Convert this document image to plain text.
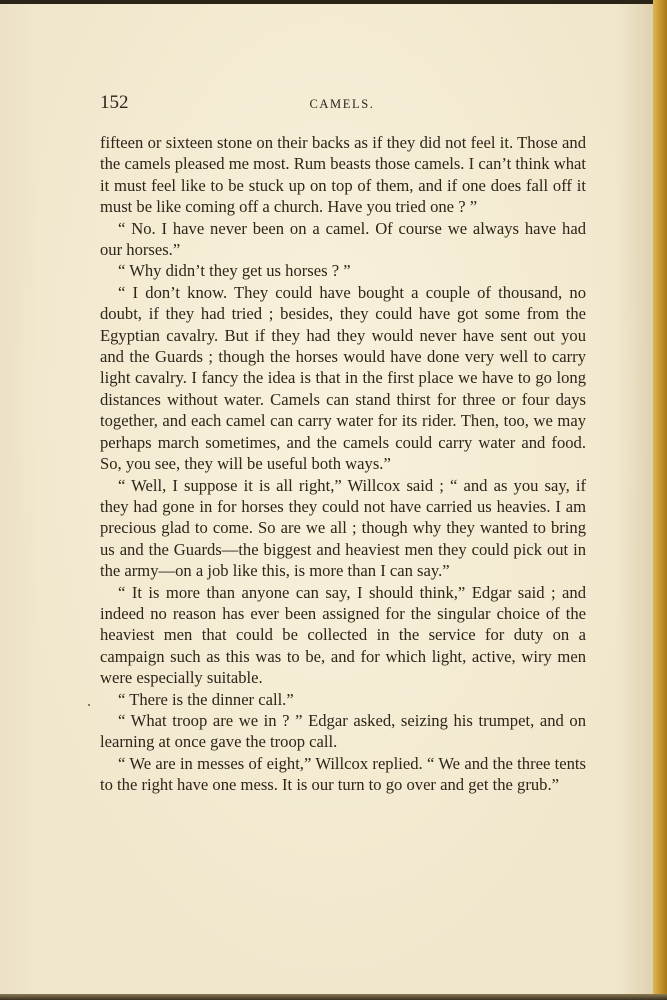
152	CAMELS.

fifteen or sixteen stone on their backs as if they did not feel it. Those and the camels pleased me most. Rum beasts those camels. I can’t think what it must feel like to be stuck up on top of them, and if one does fall off it must be like coming off a church. Have you tried one ? ”

“ No. I have never been on a camel. Of course we always have had our horses.”

“ Why didn’t they get us horses ? ”

“ I don’t know. They could have bought a couple of thousand, no doubt, if they had tried ; besides, they could have got some from the Egyptian cavalry. But if they had they would never have sent out you and the Guards ; though the horses would have done very well to carry light cavalry. I fancy the idea is that in the first place we have to go long distances without water. Camels can stand thirst for three or four days together, and each camel can carry water for its rider. Then, too, we may perhaps march sometimes, and the camels could carry water and food. So, you see, they will be useful both ways.”

“ Well, I suppose it is all right,” Willcox said ; “ and as you say, if they had gone in for horses they could not have carried us heavies. I am precious glad to come. So are we all ; though why they wanted to bring us and the Guards—the biggest and heaviest men they could pick out in the army—on a job like this, is more than I can say.”

“ It is more than anyone can say, I should think,” Edgar said ; and indeed no reason has ever been assigned for the singular choice of the heaviest men that could be collected in the service for duty on a campaign such as this was to be, and for which light, active, wiry men were especially suitable.

“ There is the dinner call.”

“ What troop are we in ? ” Edgar asked, seizing his trumpet, and on learning at once gave the troop call.

“ We are in messes of eight,” Willcox replied. “ We and the three tents to the right have one mess. It is our turn to go over and get the grub.”
